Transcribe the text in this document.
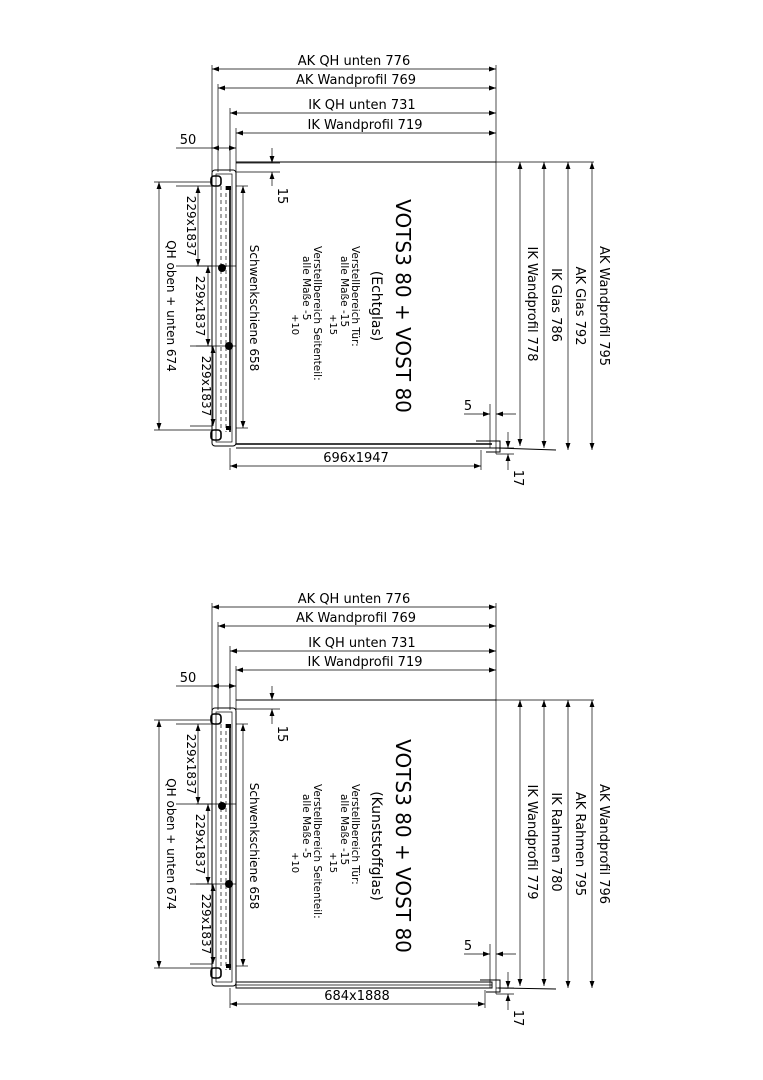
AK QH unten 776
AK Wandprofil 769
IK QH unten 731
IK Wandprofil 719
50
15
229x1837
229x1837
229x1837
QH oben + unten 674	Schwenkschiene 658	VOTS3 80 + VOST 80
(Echtglas)
Verstellbereich Tür:
alle Maße -15
+15
Verstellbereich Seitenteil:
alle Maße -5
+10
696x1947
5
17
IK Wandprofil 778 IK Glas 786 AK Glas 792 AK Wandprofil 795
AK QH unten 776
AK Wandprofil 769
IK QH unten 731
IK Wandprofil 719
50
15
229x1837
229x1837
229x1837
QH oben + unten 674	Schwenkschiene 658	VOTS3 80 + VOST 80
(Kunststoffglas)
Verstellbereich Tür:
alle Maße -15
+15
Verstellbereich Seitenteil:
alle Maße -5
+10
684x1888
5
17
IK Wandprofil 779 IK Rahmen 780 AK Rahmen 795 AK Wandprofil 796
